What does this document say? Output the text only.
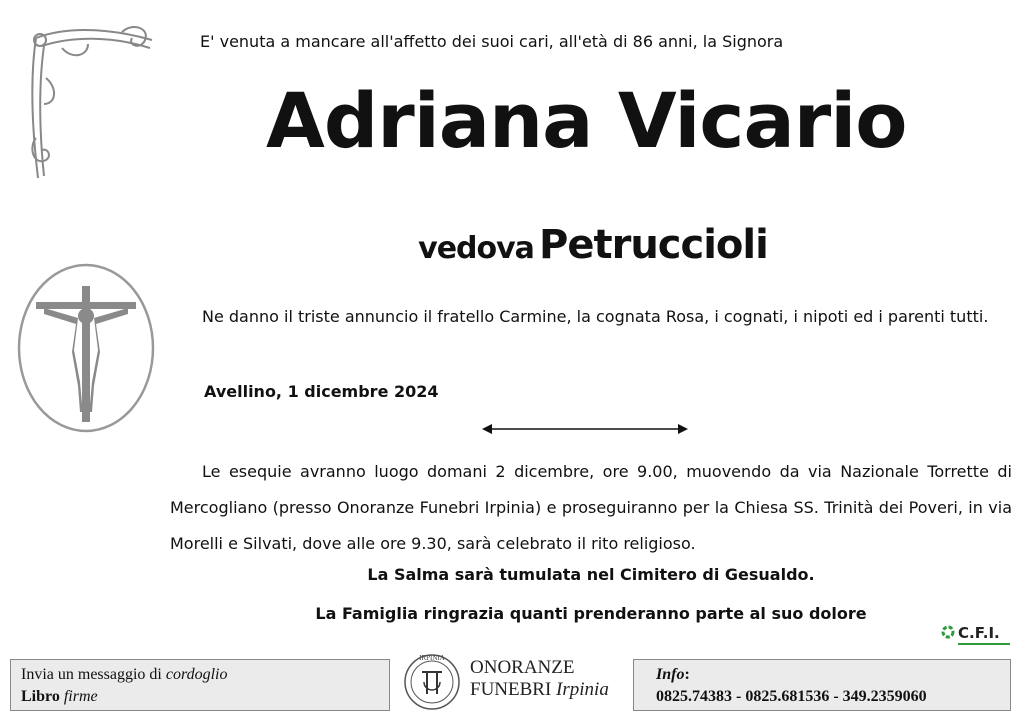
E' venuta a mancare all'affetto dei suoi cari, all'età di 86 anni, la Signora
Adriana Vicario
vedova Petruccioli
Ne danno il triste annuncio il fratello Carmine, la cognata Rosa, i cognati, i nipoti ed i parenti tutti.
Avellino, 1 dicembre 2024
Le esequie avranno luogo domani 2 dicembre, ore 9.00, muovendo da via Nazionale Torrette di Mercogliano (presso Onoranze Funebri Irpinia) e proseguiranno per la Chiesa SS. Trinità dei Poveri, in via Morelli e Silvati, dove alle ore 9.30, sarà celebrato il rito religioso.
La Salma sarà tumulata nel Cimitero di Gesualdo.
La Famiglia ringrazia quanti prenderanno parte al suo dolore
C.F.I.
Invia un messaggio di cordoglio
Libro firme
IRPINIA ONORANZE
FUNEBRI Irpinia
Info:
0825.74383 - 0825.681536 - 349.2359060
